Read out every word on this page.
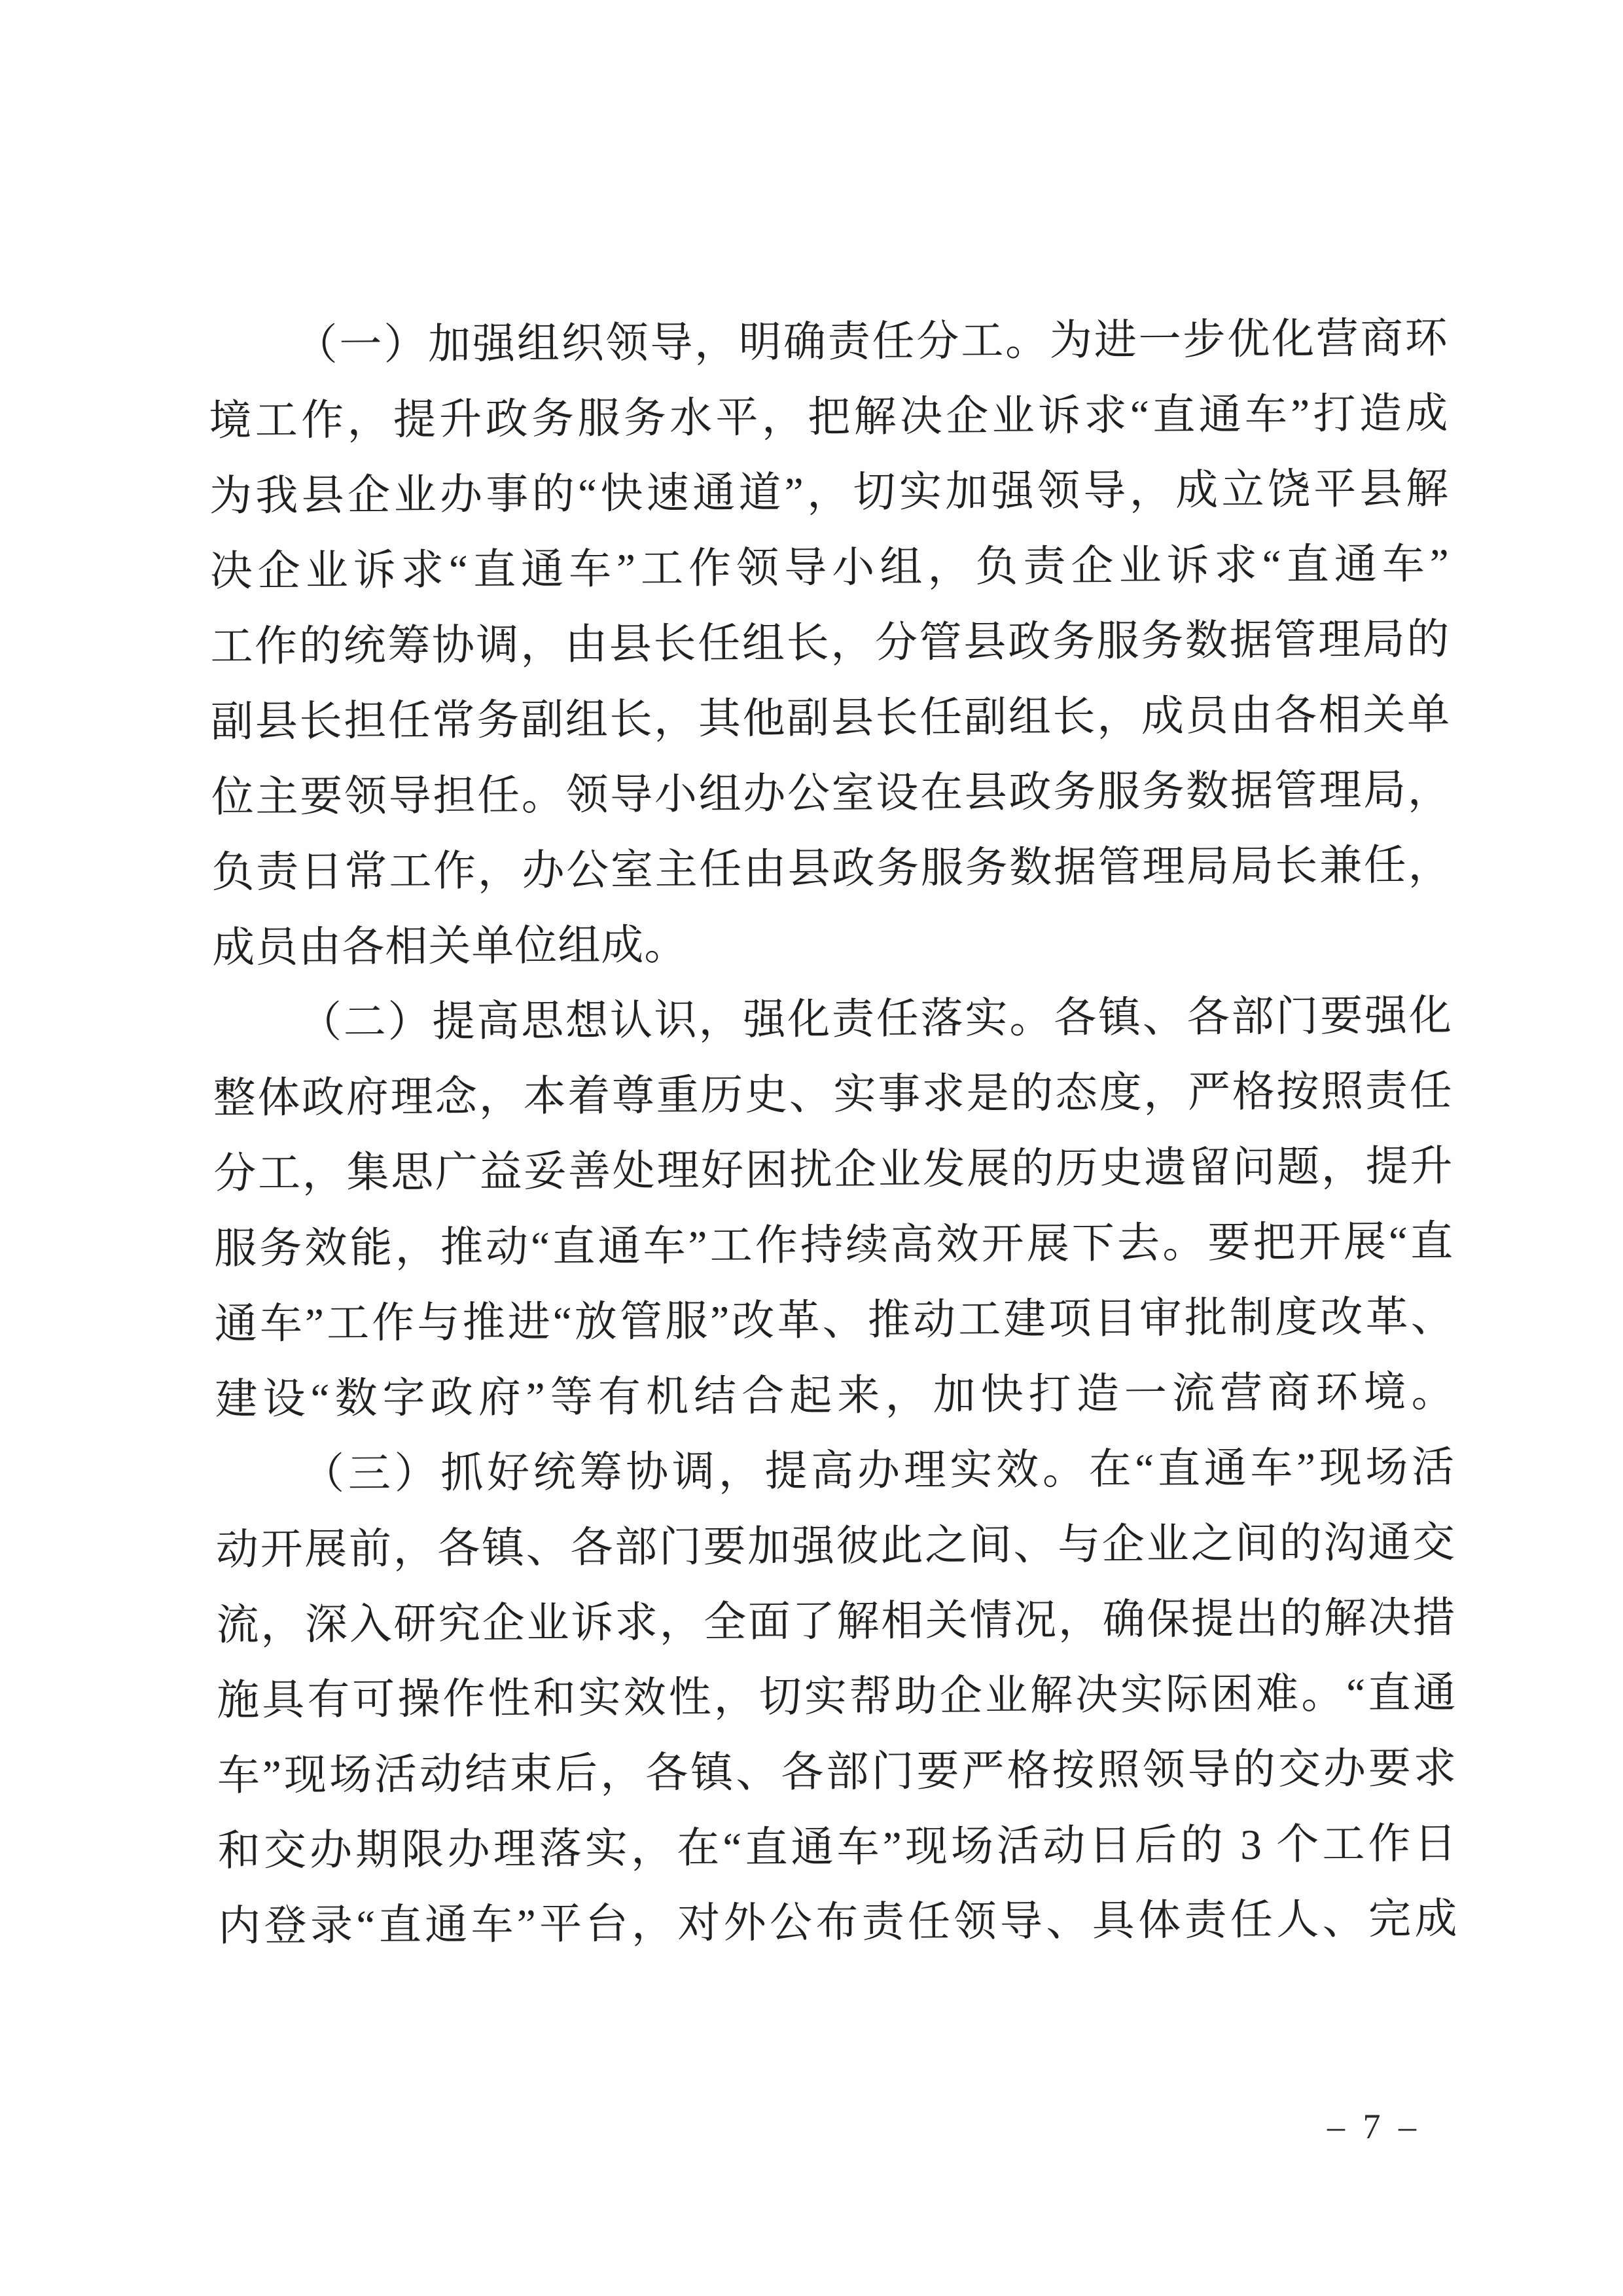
（一）加强组织领导，明确责任分工。为进一步优化营商环
境工作，提升政务服务水平，把解决企业诉求“直通车”打造成
为我县企业办事的“快速通道”，切实加强领导，成立饶平县解
决企业诉求“直通车”工作领导小组，负责企业诉求“直通车”
工作的统筹协调，由县长任组长，分管县政务服务数据管理局的
副县长担任常务副组长，其他副县长任副组长，成员由各相关单
位主要领导担任。领导小组办公室设在县政务服务数据管理局，
负责日常工作，办公室主任由县政务服务数据管理局局长兼任，
成员由各相关单位组成。
（二）提高思想认识，强化责任落实。各镇、各部门要强化
整体政府理念，本着尊重历史、实事求是的态度，严格按照责任
分工，集思广益妥善处理好困扰企业发展的历史遗留问题，提升
服务效能，推动“直通车”工作持续高效开展下去。要把开展“直
通车”工作与推进“放管服”改革、推动工建项目审批制度改革、
建设“数字政府”等有机结合起来，加快打造一流营商环境。
（三）抓好统筹协调，提高办理实效。在“直通车”现场活
动开展前，各镇、各部门要加强彼此之间、与企业之间的沟通交
流，深入研究企业诉求，全面了解相关情况，确保提出的解决措
施具有可操作性和实效性，切实帮助企业解决实际困难。“直通
车”现场活动结束后，各镇、各部门要严格按照领导的交办要求
和交办期限办理落实，在“直通车”现场活动日后的 3 个工作日
内登录“直通车”平台，对外公布责任领导、具体责任人、完成
– 7 –
